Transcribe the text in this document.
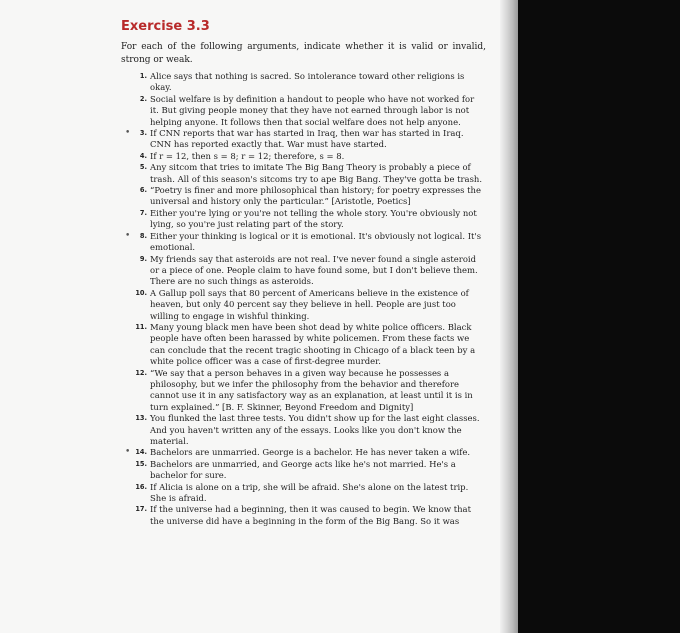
Exercise 3.3
For each of the following arguments, indicate whether it is valid or invalid, strong or weak.
1. Alice says that nothing is sacred. So intolerance toward other religions is okay.
2. Social welfare is by definition a handout to people who have not worked for it. But giving people money that they have not earned through labor is not helping anyone. It follows then that social welfare does not help anyone.
•	3. If CNN reports that war has started in Iraq, then war has started in Iraq. CNN has reported exactly that. War must have started.
4. If r = 12, then s = 8; r = 12; therefore, s = 8.
5. Any sitcom that tries to imitate The Big Bang Theory is probably a piece of trash. All of this season's sitcoms try to ape Big Bang. They've gotta be trash.
6. “Poetry is finer and more philosophical than history; for poetry expresses the universal and history only the particular.” [Aristotle, Poetics]
7. Either you're lying or you're not telling the whole story. You're obviously not lying, so you're just relating part of the story.
•	8. Either your thinking is logical or it is emotional. It's obviously not logical. It's emotional.
9. My friends say that asteroids are not real. I've never found a single asteroid or a piece of one. People claim to have found some, but I don't believe them. There are no such things as asteroids.
10. A Gallup poll says that 80 percent of Americans believe in the existence of heaven, but only 40 percent say they believe in hell. People are just too willing to engage in wishful thinking.
11. Many young black men have been shot dead by white police officers. Black people have often been harassed by white policemen. From these facts we can conclude that the recent tragic shooting in Chicago of a black teen by a white police officer was a case of first-degree murder.
12. “We say that a person behaves in a given way because he possesses a philosophy, but we infer the philosophy from the behavior and therefore cannot use it in any satisfactory way as an explanation, at least until it is in turn explained.” [B. F. Skinner, Beyond Freedom and Dignity]
13. You flunked the last three tests. You didn't show up for the last eight classes. And you haven't written any of the essays. Looks like you don't know the material.
• 14. Bachelors are unmarried. George is a bachelor. He has never taken a wife.
15. Bachelors are unmarried, and George acts like he's not married. He's a bachelor for sure.
16. If Alicia is alone on a trip, she will be afraid. She's alone on the latest trip. She is afraid.
17. If the universe had a beginning, then it was caused to begin. We know that the universe did have a beginning in the form of the Big Bang. So it was
